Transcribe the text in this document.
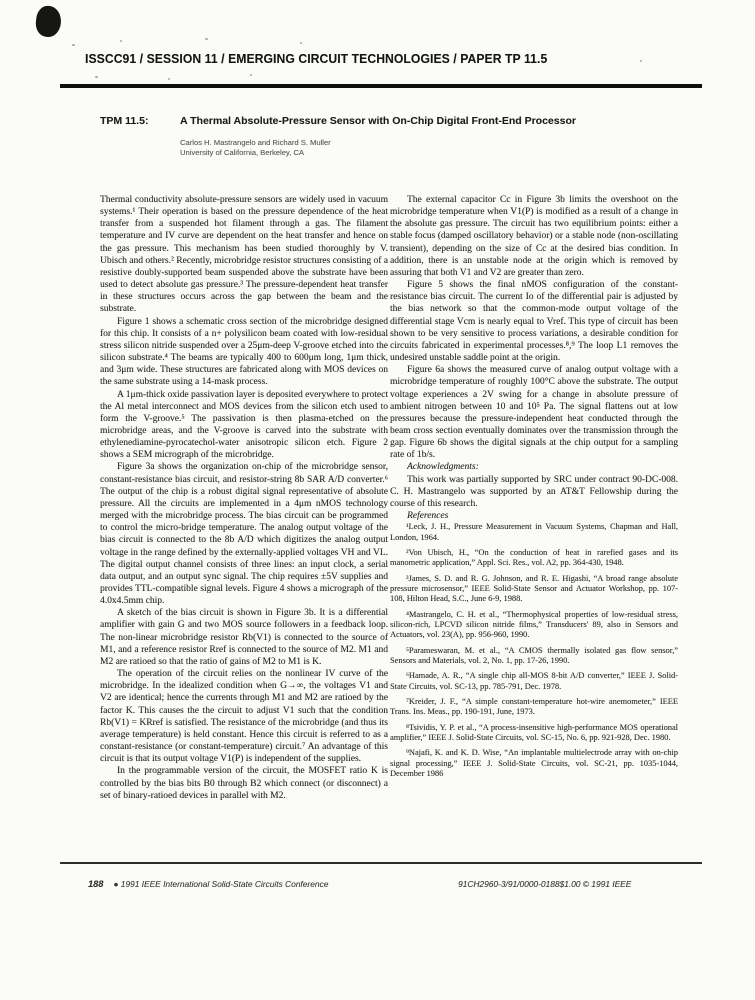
ISSCC91 / SESSION 11 / EMERGING CIRCUIT TECHNOLOGIES / PAPER TP 11.5
TPM 11.5:	A Thermal Absolute-Pressure Sensor with On-Chip Digital Front-End Processor
Carlos H. Mastrangelo and Richard S. Muller
University of California, Berkeley, CA

Thermal conductivity absolute-pressure sensors are widely used in vacuum systems.¹ Their operation is based on the pressure dependence of the heat transfer from a suspended hot filament through a gas. The filament temperature and IV curve are dependent on the heat transfer and hence on the gas pressure. This mechanism has been studied thoroughly by V. Ubisch and others.² Recently, microbridge resistor structures consisting of a resistive doubly-supported beam suspended above the substrate have been used to detect absolute gas pressure.³ The pressure-dependent heat transfer in these structures occurs across the gap between the beam and the substrate.

Figure 1 shows a schematic cross section of the microbridge designed for this chip. It consists of a n+ polysilicon beam coated with low-residual stress silicon nitride suspended over a 25μm-deep V-groove etched into the silicon substrate.⁴ The beams are typically 400 to 600μm long, 1μm thick, and 3μm wide. These structures are fabricated along with MOS devices on the same substrate using a 14-mask process.

A 1μm-thick oxide passivation layer is deposited everywhere to protect the Al metal interconnect and MOS devices from the silicon etch used to form the V-groove.⁵ The passivation is then plasma-etched on the microbridge areas, and the V-groove is carved into the substrate with ethylenediamine-pyrocatechol-water anisotropic silicon etch. Figure 2 shows a SEM micrograph of the microbridge.

Figure 3a shows the organization on-chip of the microbridge sensor, constant-resistance bias circuit, and resistor-string 8b SAR A/D converter.⁶ The output of the chip is a robust digital signal representative of absolute pressure. All the circuits are implemented in a 4μm nMOS technology merged with the microbridge process. The bias circuit can be programmed to control the micro-bridge temperature. The analog output voltage of the bias circuit is connected to the 8b A/D which digitizes the analog output voltage in the range defined by the externally-applied voltages VH and VL. The digital output channel consists of three lines: an input clock, a serial data output, and an output sync signal. The chip requires ±5V supplies and provides TTL-compatible signal levels. Figure 4 shows a micrograph of the 4.0x4.5mm chip.

A sketch of the bias circuit is shown in Figure 3b. It is a differential amplifier with gain G and two MOS source followers in a feedback loop. The non-linear microbridge resistor Rb(V1) is connected to the source of M1, and a reference resistor Rref is connected to the source of M2. M1 and M2 are ratioed so that the ratio of gains of M2 to M1 is K.

The operation of the circuit relies on the nonlinear IV curve of the microbridge. In the idealized condition when G→∞, the voltages V1 and V2 are identical; hence the currents through M1 and M2 are ratioed by the factor K. This causes the the circuit to adjust V1 such that the condition Rb(V1) = KRref is satisfied. The resistance of the microbridge (and thus its average temperature) is held constant. Hence this circuit is referred to as a constant-resistance (or constant-temperature) circuit.⁷ An advantage of this circuit is that its output voltage V1(P) is independent of the supplies.

In the programmable version of the circuit, the MOSFET ratio K is controlled by the bias bits B0 through B2 which connect (or disconnect) a set of binary-ratioed devices in parallel with M2.

The external capacitor Cc in Figure 3b limits the overshoot on the microbridge temperature when V1(P) is modified as a result of a change in the absolute gas pressure. The circuit has two equilibrium points: either a stable focus (damped oscillatory behavior) or a stable node (non-oscillating transient), depending on the size of Cc at the desired bias condition. In addition, there is an unstable node at the origin which is removed by assuring that both V1 and V2 are greater than zero.

Figure 5 shows the final nMOS configuration of the constant-resistance bias circuit. The current Io of the differential pair is adjusted by the bias network so that the common-mode output voltage of the differential stage Vcm is nearly equal to Vref. This type of circuit has been shown to be very sensitive to process variations, a desirable condition for circuits fabricated in experimental processes.⁸,⁹ The loop L1 removes the undesired unstable saddle point at the origin.

Figure 6a shows the measured curve of analog output voltage with a microbridge temperature of roughly 100°C above the substrate. The output voltage experiences a 2V swing for a change in absolute pressure of ambient nitrogen between 10 and 10⁵ Pa. The signal flattens out at low pressures because the pressure-independent heat conducted through the beam cross section eventually dominates over the transmission through the gap. Figure 6b shows the digital signals at the chip output for a sampling rate of 1b/s.

Acknowledgments:

This work was partially supported by SRC under contract 90-DC-008. C. H. Mastrangelo was supported by an AT&T Fellowship during the course of this research.

References

¹Leck, J. H., Pressure Measurement in Vacuum Systems, Chapman and Hall, London, 1964.

²Von Ubisch, H., “On the conduction of heat in rarefied gases and its manometric application,” Appl. Sci. Res., vol. A2, pp. 364-430, 1948.

³James, S. D. and R. G. Johnson, and R. E. Higashi, “A broad range absolute pressure microsensor,” IEEE Solid-State Sensor and Actuator Workshop, pp. 107-108, Hilton Head, S.C., June 6-9, 1988.

⁴Mastrangelo, C. H. et al., “Thermophysical properties of low-residual stress, silicon-rich, LPCVD silicon nitride films,” Transducers' 89, also in Sensors and Actuators, vol. 23(A), pp. 956-960, 1990.

⁵Parameswaran, M. et al., “A CMOS thermally isolated gas flow sensor,” Sensors and Materials, vol. 2, No. 1, pp. 17-26, 1990.

⁶Hamade, A. R., “A single chip all-MOS 8-bit A/D converter,” IEEE J. Solid-State Circuits, vol. SC-13, pp. 785-791, Dec. 1978.

⁷Kreider, J. F., “A simple constant-temperature hot-wire anemometer,” IEEE Trans. Ins. Meas., pp. 190-191, June, 1973.

⁸Tsividis, Y. P. et al., “A process-insensitive high-performance MOS operational amplifier,” IEEE J. Solid-State Circuits, vol. SC-15, No. 6, pp. 921-928, Dec. 1980.

⁹Najafi, K. and K. D. Wise, “An implantable multielectrode array with on-chip signal processing,” IEEE J. Solid-State Circuits, vol. SC-21, pp. 1035-1044, December 1986

188 ● 1991 IEEE International Solid-State Circuits Conference	91CH2960-3/91/0000-0188$1.00 © 1991 IEEE
